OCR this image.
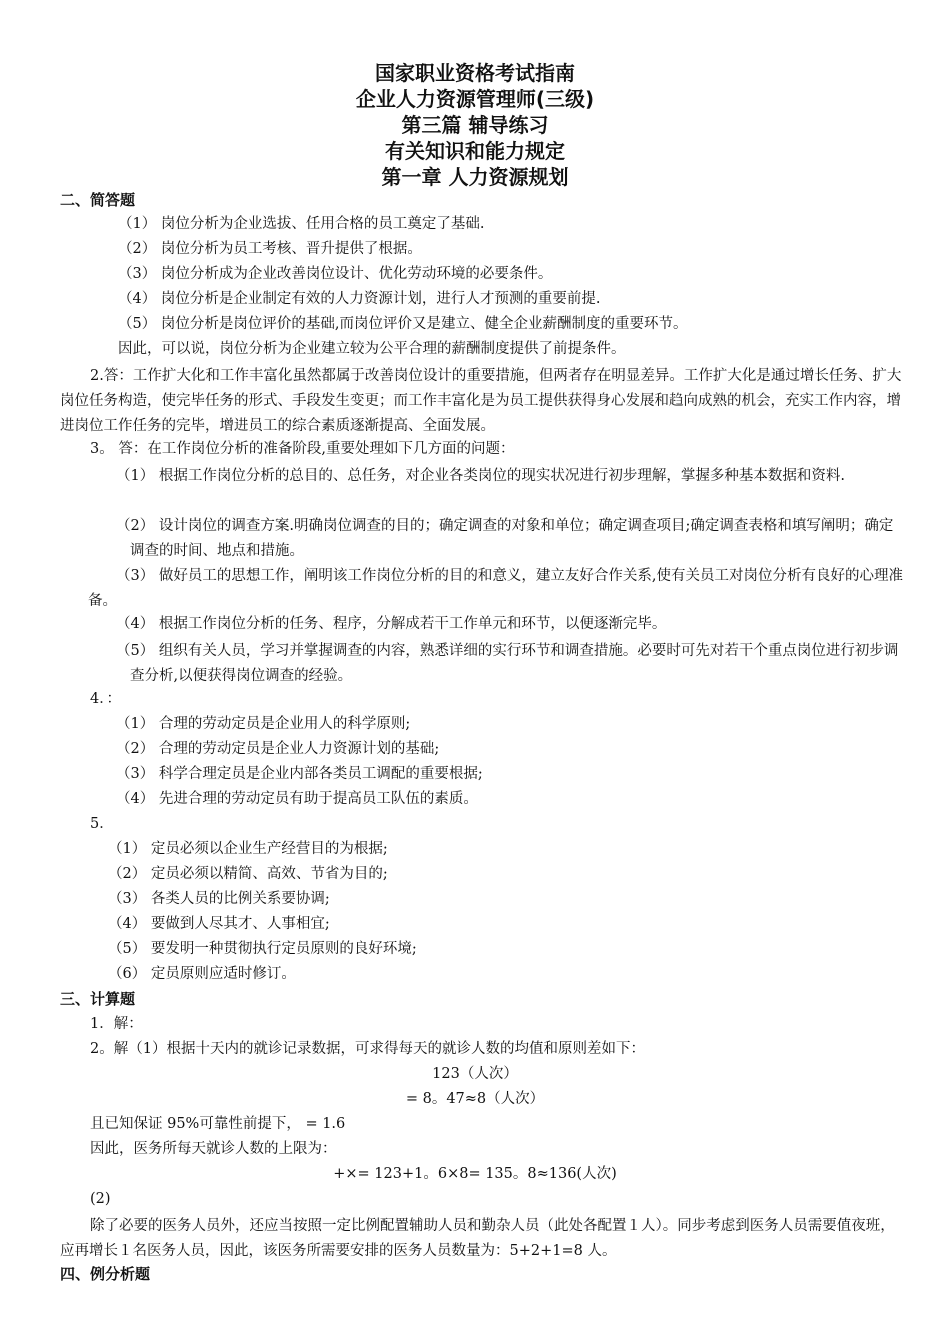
国家职业资格考试指南
企业人力资源管理师(三级)
第三篇 辅导练习
有关知识和能力规定
第一章 人力资源规划
二、简答题
（1） 岗位分析为企业选拔、任用合格的员工奠定了基础.
（2） 岗位分析为员工考核、晋升提供了根据。
（3） 岗位分析成为企业改善岗位设计、优化劳动环境的必要条件。
（4） 岗位分析是企业制定有效的人力资源计划，进行人才预测的重要前提.
（5） 岗位分析是岗位评价的基础,而岗位评价又是建立、健全企业薪酬制度的重要环节。
因此，可以说，岗位分析为企业建立较为公平合理的薪酬制度提供了前提条件。
2.答：工作扩大化和工作丰富化虽然都属于改善岗位设计的重要措施，但两者存在明显差异。工作扩大化是通过增长任务、扩大岗位任务构造，使完毕任务的形式、手段发生变更；而工作丰富化是为员工提供获得身心发展和趋向成熟的机会，充实工作内容，增进岗位工作任务的完毕，增进员工的综合素质逐渐提高、全面发展。
3。 答：在工作岗位分析的准备阶段,重要处理如下几方面的问题：
（1） 根据工作岗位分析的总目的、总任务，对企业各类岗位的现实状况进行初步理解，掌握多种基本数据和资料.
（2） 设计岗位的调查方案.明确岗位调查的目的；确定调查的对象和单位；确定调查项目;确定调查表格和填写阐明；确定调查的时间、地点和措施。
（3） 做好员工的思想工作，阐明该工作岗位分析的目的和意义，建立友好合作关系,使有关员工对岗位分析有良好的心理准备。
（4） 根据工作岗位分析的任务、程序，分解成若干工作单元和环节，以便逐渐完毕。
（5） 组织有关人员，学习并掌握调查的内容，熟悉详细的实行环节和调查措施。必要时可先对若干个重点岗位进行初步调查分析,以便获得岗位调查的经验。
4．：
（1） 合理的劳动定员是企业用人的科学原则;
（2） 合理的劳动定员是企业人力资源计划的基础;
（3） 科学合理定员是企业内部各类员工调配的重要根据;
（4） 先进合理的劳动定员有助于提高员工队伍的素质。
5．
（1） 定员必须以企业生产经营目的为根据;
（2） 定员必须以精简、高效、节省为目的;
（3） 各类人员的比例关系要协调;
（4） 要做到人尽其才、人事相宜;
（5） 要发明一种贯彻执行定员原则的良好环境;
（6） 定员原则应适时修订。
三、计算题
1．解：
2。解（1）根据十天内的就诊记录数据，可求得每天的就诊人数的均值和原则差如下：
123（人次）
= 8。47≈8（人次）
且已知保证 95%可靠性前提下， = 1.6
因此，医务所每天就诊人数的上限为：
+×= 123+1。6×8= 135。8≈136(人次)
(2)
除了必要的医务人员外，还应当按照一定比例配置辅助人员和勤杂人员（此处各配置１人）。同步考虑到医务人员需要值夜班，应再增长１名医务人员，因此，该医务所需要安排的医务人员数量为：5+2+1=8 人。
四、例分析题
